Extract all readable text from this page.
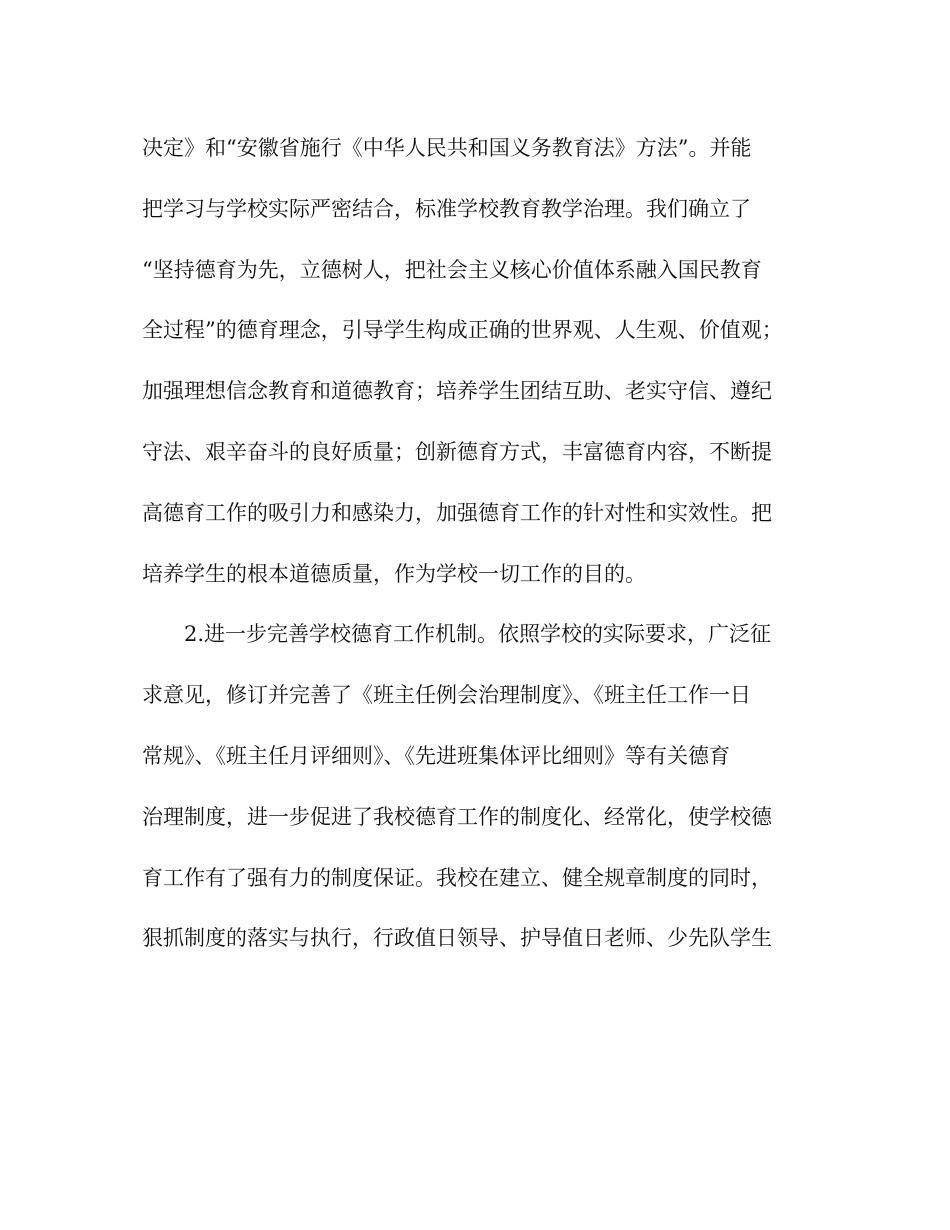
决定》和“安徽省施行《中华人民共和国义务教育法》方法”。并能
把学习与学校实际严密结合，标准学校教育教学治理。我们确立了
“坚持德育为先，立德树人，把社会主义核心价值体系融入国民教育
全过程”的德育理念，引导学生构成正确的世界观、人生观、价值观；
加强理想信念教育和道德教育；培养学生团结互助、老实守信、遵纪
守法、艰辛奋斗的良好质量；创新德育方式，丰富德育内容，不断提
高德育工作的吸引力和感染力，加强德育工作的针对性和实效性。把
培养学生的根本道德质量，作为学校一切工作的目的。
2.进一步完善学校德育工作机制。依照学校的实际要求，广泛征
求意见，修订并完善了《班主任例会治理制度》、《班主任工作一日
常规》、《班主任月评细则》、《先进班集体评比细则》等有关德育
治理制度，进一步促进了我校德育工作的制度化、经常化，使学校德
育工作有了强有力的制度保证。我校在建立、健全规章制度的同时，
狠抓制度的落实与执行，行政值日领导、护导值日老师、少先队学生
